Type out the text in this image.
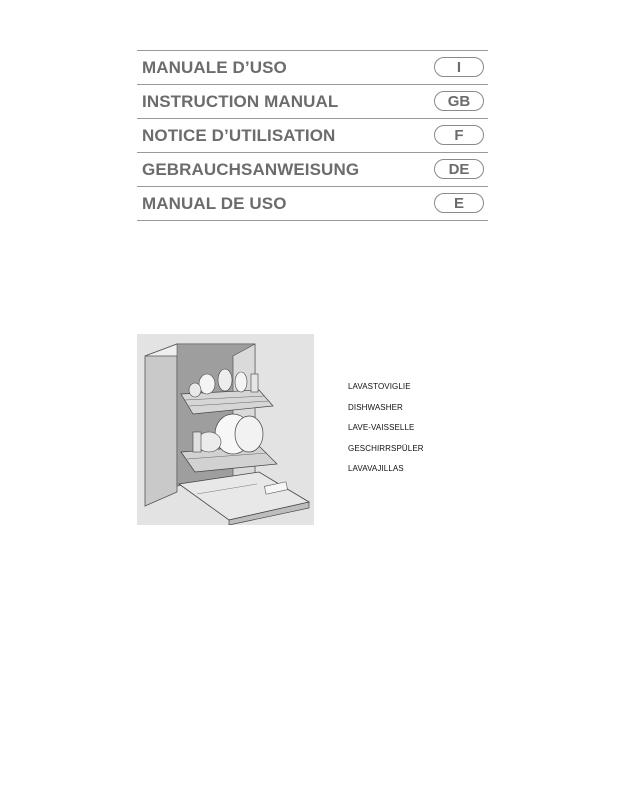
MANUALE D’USO	I
INSTRUCTION MANUAL	GB
NOTICE D’UTILISATION	F
GEBRAUCHSANWEISUNG	DE
MANUAL DE USO	E
LAVASTOVIGLIE
DISHWASHER
LAVE-VAISSELLE
GESCHIRRSPÜLER
LAVAVAJILLAS
